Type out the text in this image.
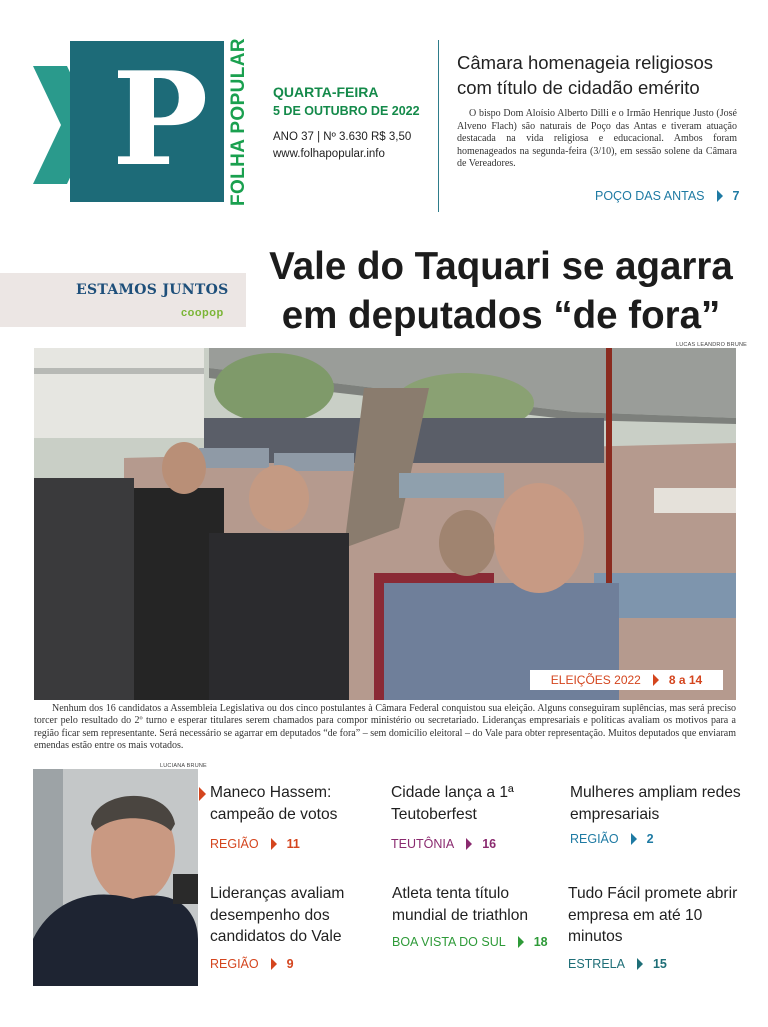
P	FOLHA POPULAR QUARTA-FEIRA
5 DE OUTUBRO DE 2022
ANO 37 | Nº 3.630 R$ 3,50
www.folhapopular.info
Câmara homenageia religiosos com título de cidadão emérito
O bispo Dom Aloísio Alberto Dilli e o Irmão Henrique Justo (José Alveno Flach) são naturais de Poço das Antas e tiveram atuação destacada na vida religiosa e educacional. Ambos foram homenageados na segunda-feira (3/10), em sessão solene da Câmara de Vereadores.
POÇO DAS ANTAS 7
ESTAMOS JUNTOS
coopop
Vale do Taquari se agarra em deputados “de fora”
LUCAS LEANDRO BRUNE
ELEIÇÕES 2022 8 a 14
Nenhum dos 16 candidatos a Assembleia Legislativa ou dos cinco postulantes à Câmara Federal conquistou sua eleição. Alguns conseguiram suplências, mas será preciso torcer pelo resultado do 2º turno e esperar titulares serem chamados para compor ministério ou secretariado. Lideranças empresariais e políticas avaliam os motivos para a região ficar sem representante. Será necessário se agarrar em deputados “de fora” – sem domicílio eleitoral – do Vale para obter representação. Muitos deputados que enviaram emendas estão entre os mais votados.
LUCIANA BRUNE
Maneco Hassem: campeão de votos
REGIÃO 11
Cidade lança a 1ª Teutoberfest
TEUTÔNIA 16
Mulheres ampliam redes empresariais
REGIÃO 2
Lideranças avaliam desempenho dos candidatos do Vale
REGIÃO 9
Atleta tenta título mundial de triathlon
BOA VISTA DO SUL 18
Tudo Fácil promete abrir empresa em até 10 minutos
ESTRELA 15
